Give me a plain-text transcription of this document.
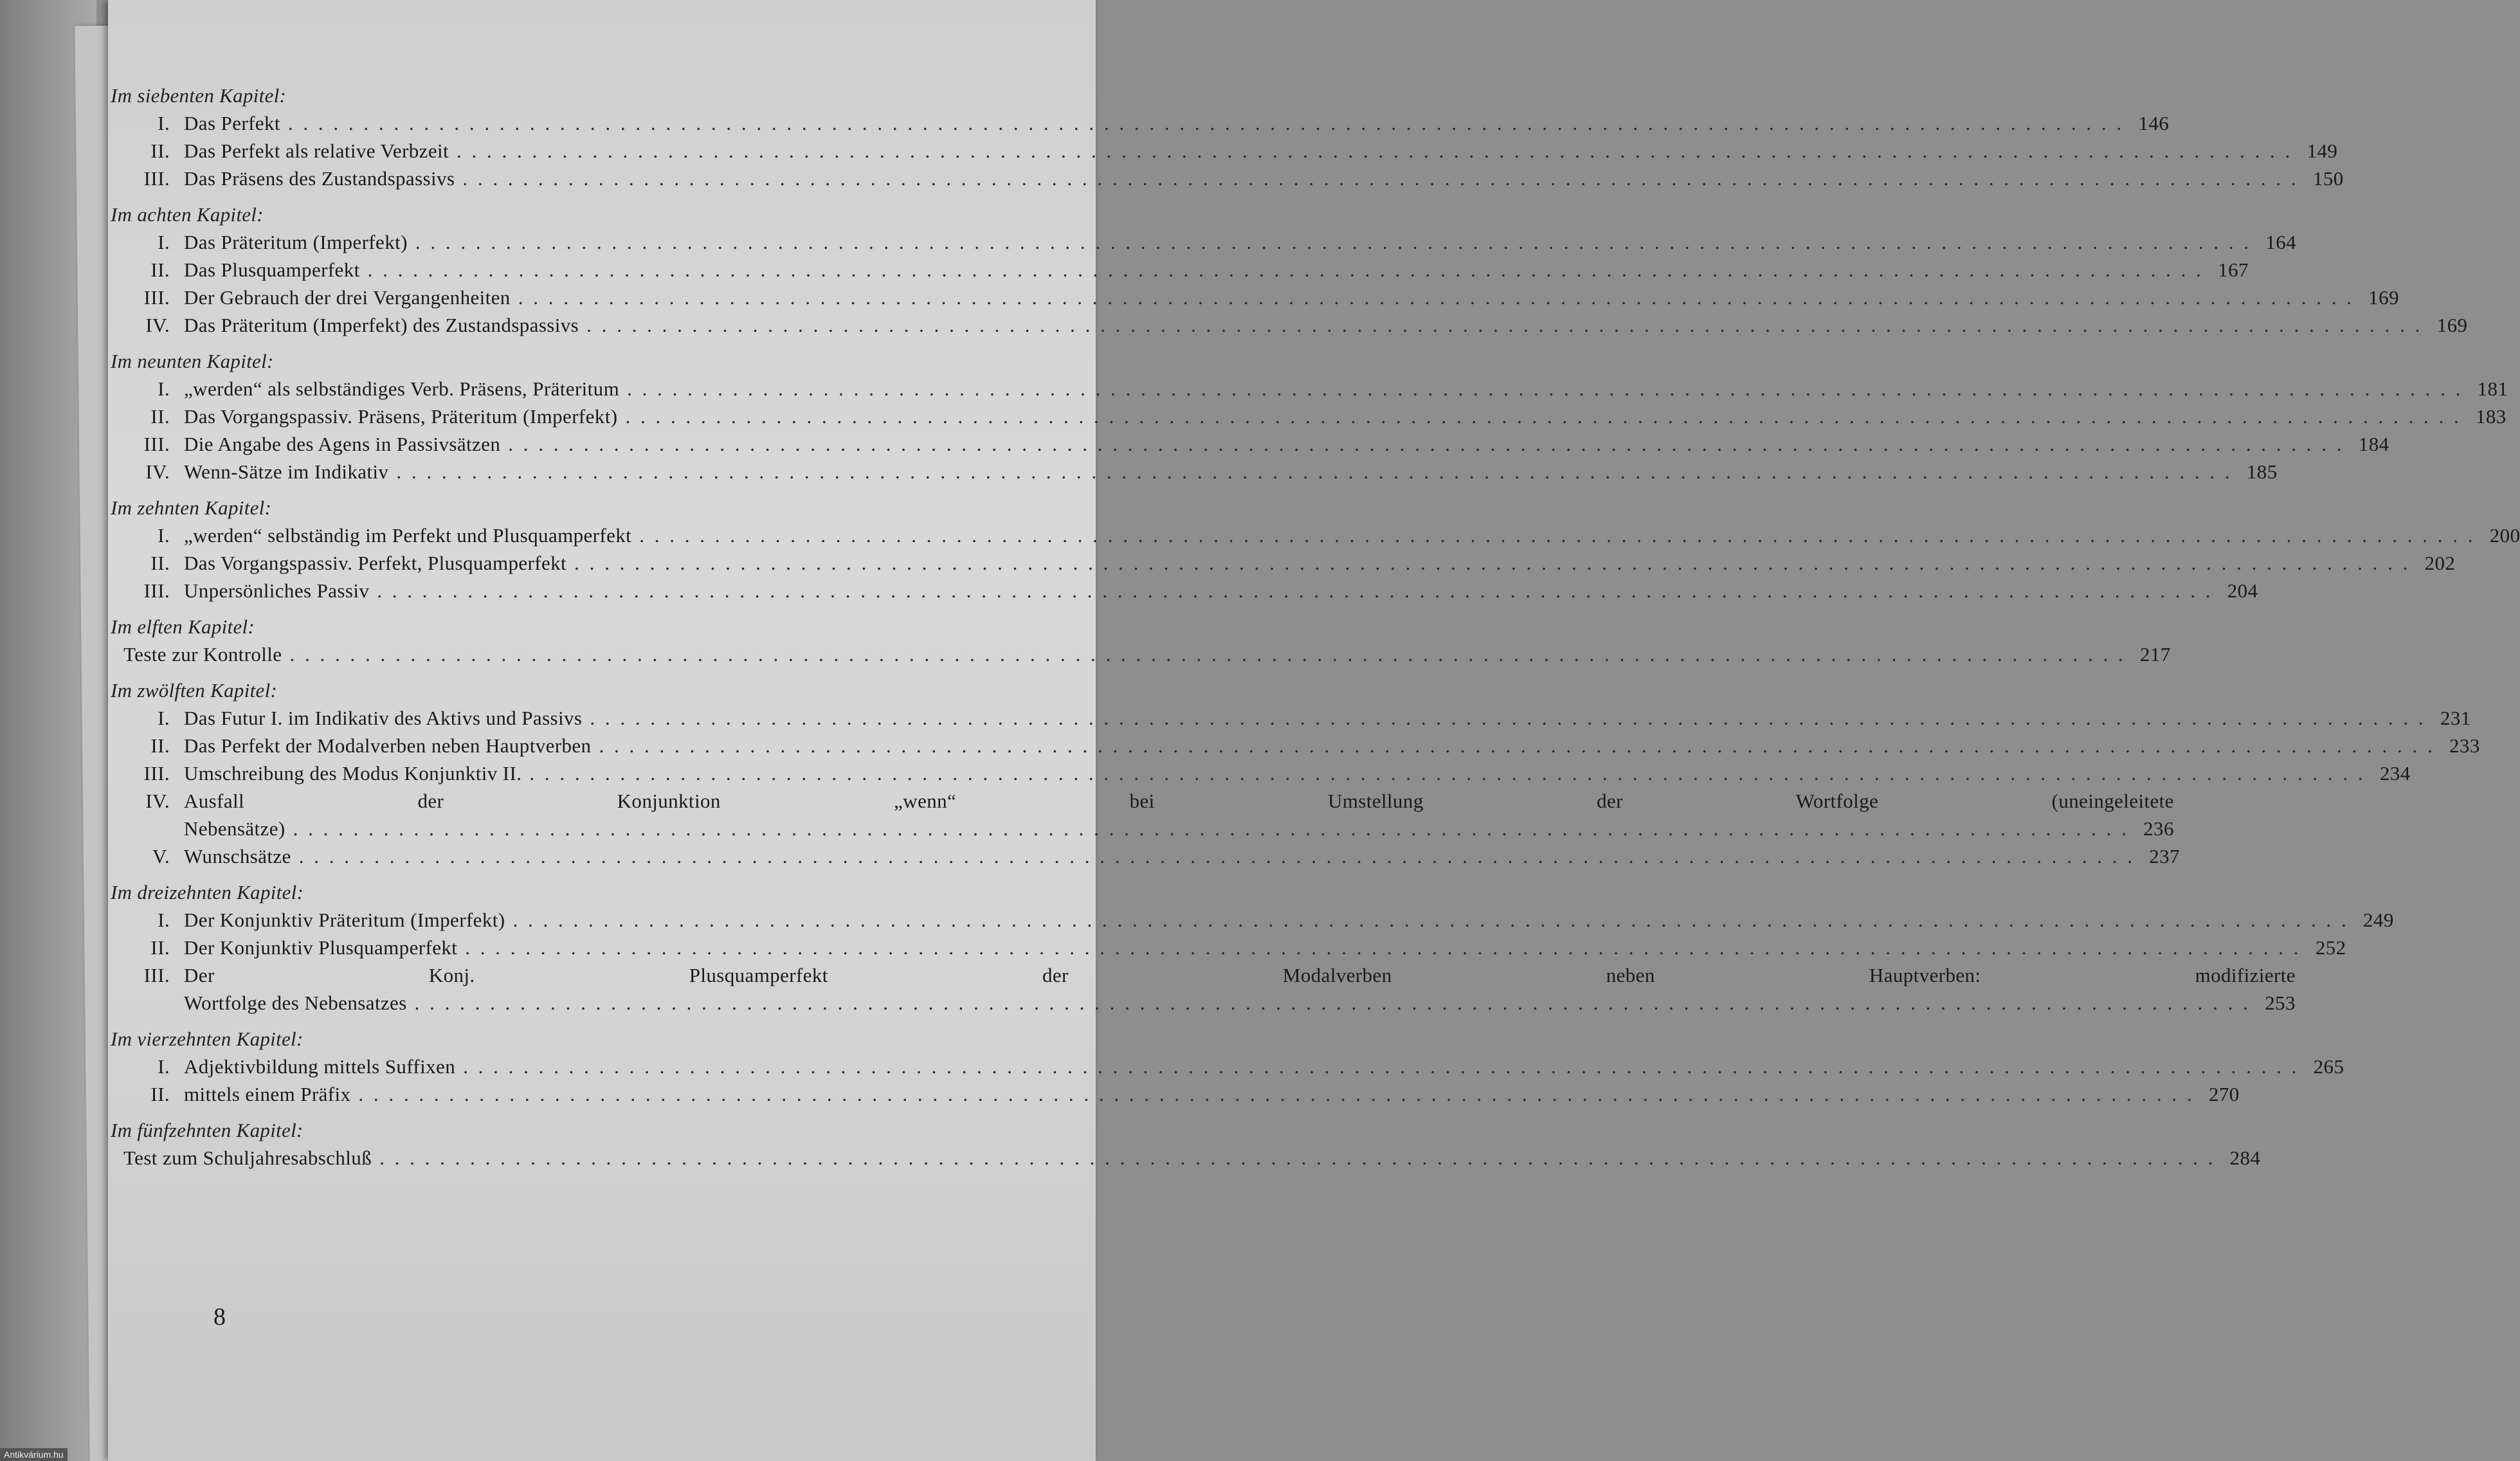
Im siebenten Kapitel:
I. Das Perfekt . . .	146
II. Das Perfekt als relative Verbzeit . . .	149
III. Das Präsens des Zustandspassivs . . .	150
Im achten Kapitel:
I. Das Präteritum (Imperfekt) . . .	164
II. Das Plusquamperfekt . . .	167
III. Der Gebrauch der drei Vergangenheiten . . .	169
IV. Das Präteritum (Imperfekt) des Zustandspassivs . . .	169
Im neunten Kapitel:
I. „werden“ als selbständiges Verb. Präsens, Präteritum . . .	181
II. Das Vorgangspassiv. Präsens, Präteritum (Imperfekt) . . .	183
III. Die Angabe des Agens in Passivsätzen . . .	184
IV. Wenn-Sätze im Indikativ . . .	185
Im zehnten Kapitel:
I. „werden“ selbständig im Perfekt und Plusquamperfekt . . .	200
II. Das Vorgangspassiv. Perfekt, Plusquamperfekt . . .	202
III. Unpersönliches Passiv . . .	204
Im elften Kapitel:
Teste zur Kontrolle . . .	217
Im zwölften Kapitel:
I. Das Futur I. im Indikativ des Aktivs und Passivs . . .	231
II. Das Perfekt der Modalverben neben Hauptverben . . .	233
III. Umschreibung des Modus Konjunktiv II. . . .	234
IV. Ausfall der Konjunktion „wenn“ bei Umstellung der Wortfolge (uneingeleitete
Nebensätze) . . .	236
V. Wunschsätze . . .	237
Im dreizehnten Kapitel:
I. Der Konjunktiv Präteritum (Imperfekt) . . .	249
II. Der Konjunktiv Plusquamperfekt . . .	252
III. Der Konj. Plusquamperfekt der Modalverben neben Hauptverben: modifizierte
Wortfolge des Nebensatzes . . .	253
Im vierzehnten Kapitel:
I. Adjektivbildung mittels Suffixen . . .	265
II. mittels einem Präfix . . .	270
Im fünfzehnten Kapitel:
Test zum Schuljahresabschluß . . .	284
8
Antikvárium.hu
